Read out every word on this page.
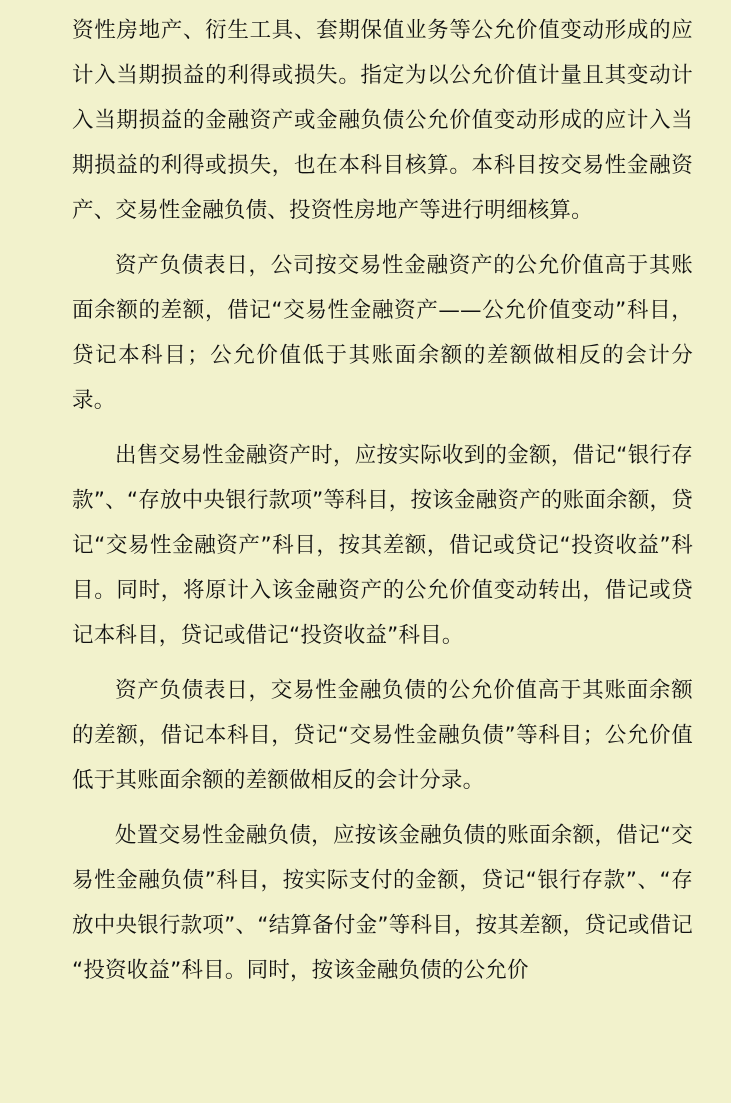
资性房地产、衍生工具、套期保值业务等公允价值变动形成的应计入当期损益的利得或损失。指定为以公允价值计量且其变动计入当期损益的金融资产或金融负债公允价值变动形成的应计入当期损益的利得或损失，也在本科目核算。本科目按交易性金融资产、交易性金融负债、投资性房地产等进行明细核算。

资产负债表日，公司按交易性金融资产的公允价值高于其账面余额的差额，借记“交易性金融资产——公允价值变动”科目，贷记本科目；公允价值低于其账面余额的差额做相反的会计分录。

出售交易性金融资产时，应按实际收到的金额，借记“银行存款”、“存放中央银行款项”等科目，按该金融资产的账面余额，贷记“交易性金融资产”科目，按其差额，借记或贷记“投资收益”科目。同时，将原计入该金融资产的公允价值变动转出，借记或贷记本科目，贷记或借记“投资收益”科目。

资产负债表日，交易性金融负债的公允价值高于其账面余额的差额，借记本科目，贷记“交易性金融负债”等科目；公允价值低于其账面余额的差额做相反的会计分录。

处置交易性金融负债，应按该金融负债的账面余额，借记“交易性金融负债”科目，按实际支付的金额，贷记“银行存款”、“存放中央银行款项”、“结算备付金”等科目，按其差额，贷记或借记“投资收益”科目。同时，按该金融负债的公允价
